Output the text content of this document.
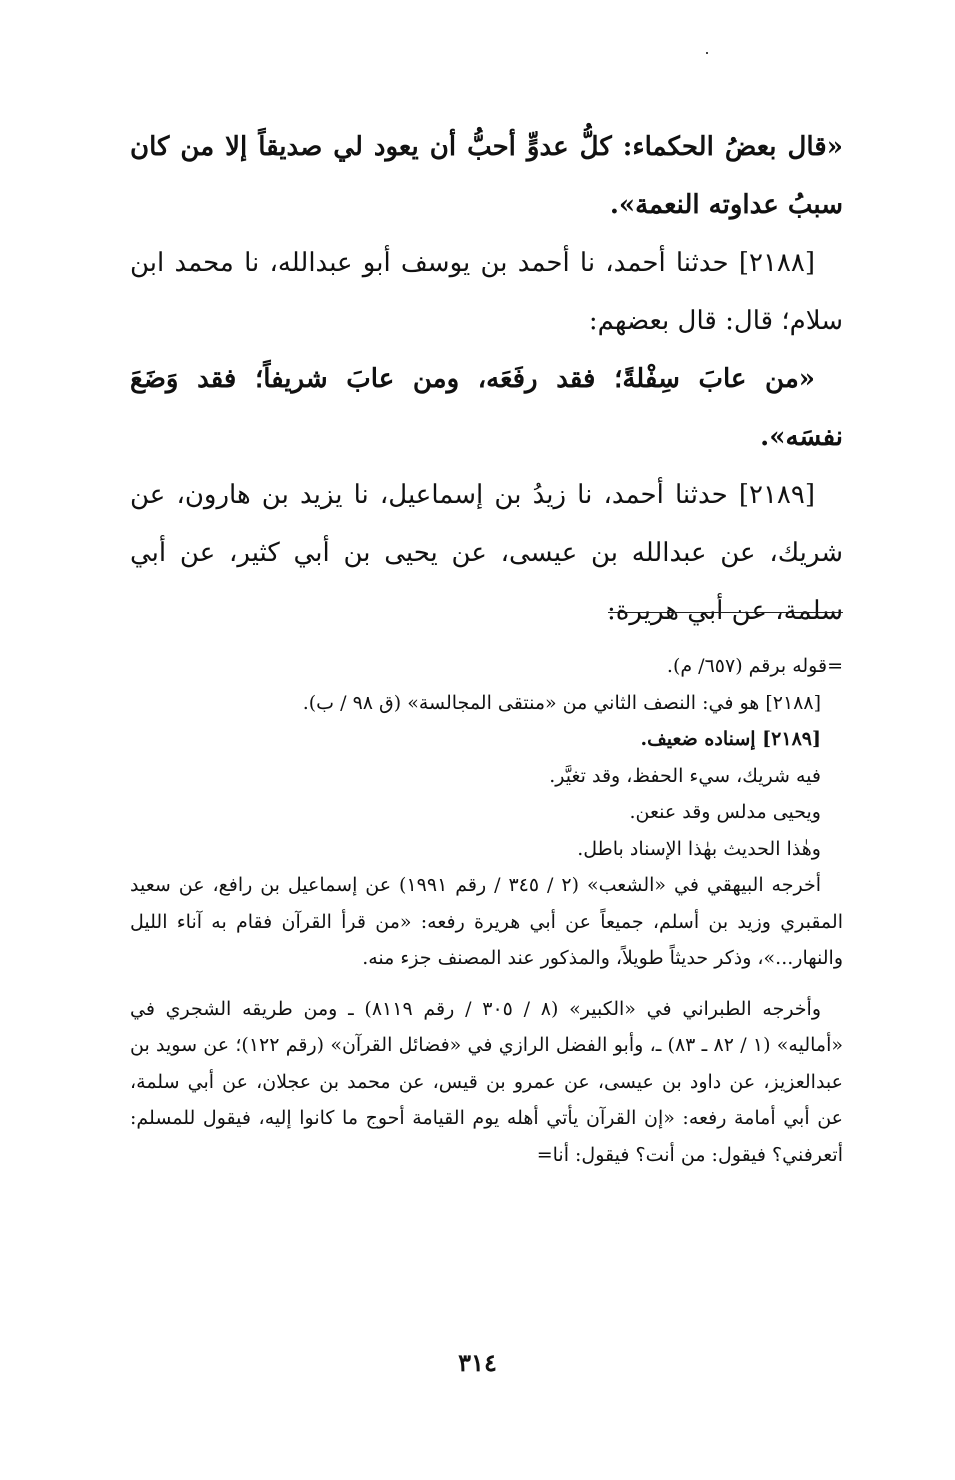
«قال بعضُ الحكماء: كلُّ عدوٍّ أحبُّ أن يعود لي صديقاً إلا من كان سببُ عداوته النعمة».

[٢١٨٨] حدثنا أحمد، نا أحمد بن يوسف أبو عبدالله، نا محمد ابن سلام؛ قال: قال بعضهم:

«من عابَ سِفْلةً؛ فقد رفَعَه، ومن عابَ شريفاً؛ فقد وَضَعَ نفسَه».

[٢١٨٩] حدثنا أحمد، نا زيدُ بن إسماعيل، نا يزيد بن هارون، عن شريك، عن عبدالله بن عيسى، عن يحيى بن أبي كثير، عن أبي سلمة، عن أبي هريرة:

=قوله برقم (٦٥٧/ م).

[٢١٨٨] هو في: النصف الثاني من «منتقى المجالسة» (ق ٩٨ / ب).

[٢١٨٩] إسناده ضعيف.

فيه شريك، سيء الحفظ، وقد تغيَّر.

ويحيى مدلس وقد عنعن.

وهٰذا الحديث بهٰذا الإسناد باطل.

أخرجه البيهقي في «الشعب» (٢ / ٣٤٥ / رقم ١٩٩١) عن إسماعيل بن رافع، عن سعيد المقبري وزيد بن أسلم، جميعاً عن أبي هريرة رفعه: «من قرأ القرآن فقام به آناء الليل والنهار...»، وذكر حديثاً طويلاً، والمذكور عند المصنف جزء منه.

وأخرجه الطبراني في «الكبير» (٨ / ٣٠٥ / رقم ٨١١٩) ـ ومن طريقه الشجري في «أماليه» (١ / ٨٢ ـ ٨٣) ـ، وأبو الفضل الرازي في «فضائل القرآن» (رقم ١٢٢)؛ عن سويد بن عبدالعزيز، عن داود بن عيسى، عن عمرو بن قيس، عن محمد بن عجلان، عن أبي سلمة، عن أبي أمامة رفعه: «إن القرآن يأتي أهله يوم القيامة أحوج ما كانوا إليه، فيقول للمسلم: أتعرفني؟ فيقول: من أنت؟ فيقول: أنا=

٣١٤
